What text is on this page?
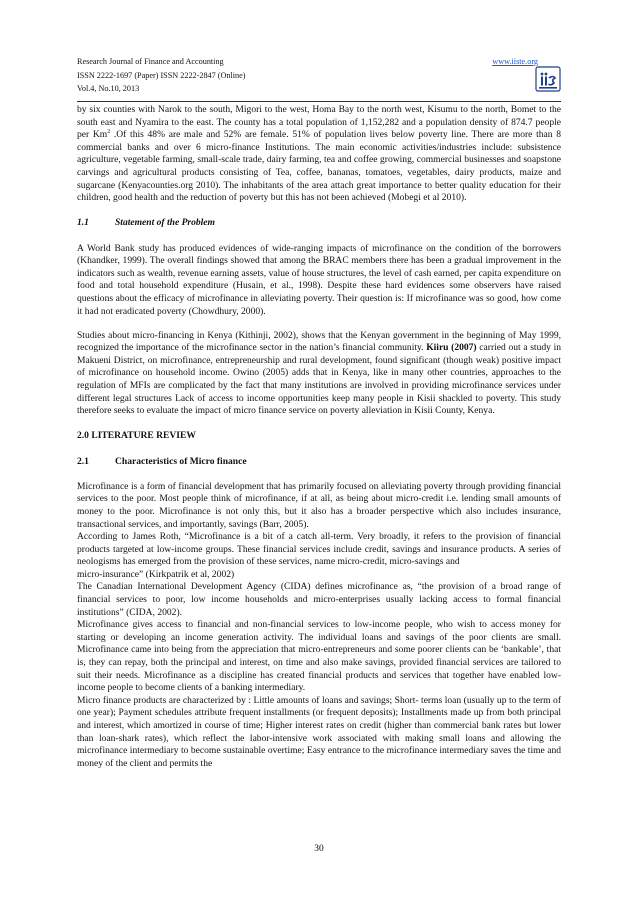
Research Journal of Finance and Accounting
ISSN 2222-1697 (Paper) ISSN 2222-2847 (Online)
Vol.4, No.10, 2013
www.iiste.org

by six counties with Narok to the south, Migori to the west, Homa Bay to the north west, Kisumu to the north, Bomet to the south east and Nyamira to the east. The county has a total population of 1,152,282 and a population density of 874.7 people per Km$^2$ .Of this 48% are male and 52% are female. 51% of population lives below poverty line. There are more than 8 commercial banks and over 6 micro-finance Institutions. The main economic activities/industries include: subsistence agriculture, vegetable farming, small-scale trade, dairy farming, tea and coffee growing, commercial businesses and soapstone carvings and agricultural products consisting of Tea, coffee, bananas, tomatoes, vegetables, dairy products, maize and sugarcane (Kenyacounties.org 2010). The inhabitants of the area attach great importance to better quality education for their children, good health and the reduction of poverty but this has not been achieved (Mobegi et al 2010).

1.1	Statement of the Problem

A World Bank study has produced evidences of wide-ranging impacts of microfinance on the condition of the borrowers (Khandker, 1999). The overall findings showed that among the BRAC members there has been a gradual improvement in the indicators such as wealth, revenue earning assets, value of house structures, the level of cash earned, per capita expenditure on food and total household expenditure (Husain, et al., 1998). Despite these hard evidences some observers have raised questions about the efficacy of microfinance in alleviating poverty. Their question is: If microfinance was so good, how come it had not eradicated poverty (Chowdhury, 2000).

Studies about micro-financing in Kenya (Kithinji, 2002), shows that the Kenyan government in the beginning of May 1999, recognized the importance of the microfinance sector in the nation’s financial community. Kiiru (2007) carried out a study in Makueni District, on microfinance, entrepreneurship and rural development, found significant (though weak) positive impact of microfinance on household income. Owino (2005) adds that in Kenya, like in many other countries, approaches to the regulation of MFIs are complicated by the fact that many institutions are involved in providing microfinance services under different legal structures Lack of access to income opportunities keep many people in Kisii shackled to poverty. This study therefore seeks to evaluate the impact of micro finance service on poverty alleviation in Kisii County, Kenya.

2.0 LITERATURE REVIEW
2.1	Characteristics of Micro finance

Microfinance is a form of financial development that has primarily focused on alleviating poverty through providing financial services to the poor. Most people think of microfinance, if at all, as being about micro-credit i.e. lending small amounts of money to the poor. Microfinance is not only this, but it also has a broader perspective which also includes insurance, transactional services, and importantly, savings (Barr, 2005).

According to James Roth, “Microfinance is a bit of a catch all-term. Very broadly, it refers to the provision of financial products targeted at low-income groups. These financial services include credit, savings and insurance products. A series of neologisms has emerged from the provision of these services, name micro-credit, micro-savings and

micro-insurance” (Kirkpatrik et al, 2002)

The Canadian International Development Agency (CIDA) defines microfinance as, “the provision of a broad range of financial services to poor, low income households and micro-enterprises usually lacking access to formal financial institutions” (CIDA, 2002).

Microfinance gives access to financial and non-financial services to low-income people, who wish to access money for starting or developing an income generation activity. The individual loans and savings of the poor clients are small. Microfinance came into being from the appreciation that micro-entrepreneurs and some poorer clients can be ‘bankable’, that is, they can repay, both the principal and interest, on time and also make savings, provided financial services are tailored to suit their needs. Microfinance as a discipline has created financial products and services that together have enabled low-income people to become clients of a banking intermediary.

Micro finance products are characterized by : Little amounts of loans and savings; Short- terms loan (usually up to the term of one year); Payment schedules attribute frequent installments (or frequent deposits); Installments made up from both principal and interest, which amortized in course of time; Higher interest rates on credit (higher than commercial bank rates but lower than loan-shark rates), which reflect the labor-intensive work associated with making small loans and allowing the microfinance intermediary to become sustainable overtime; Easy entrance to the microfinance intermediary saves the time and money of the client and permits the

30
